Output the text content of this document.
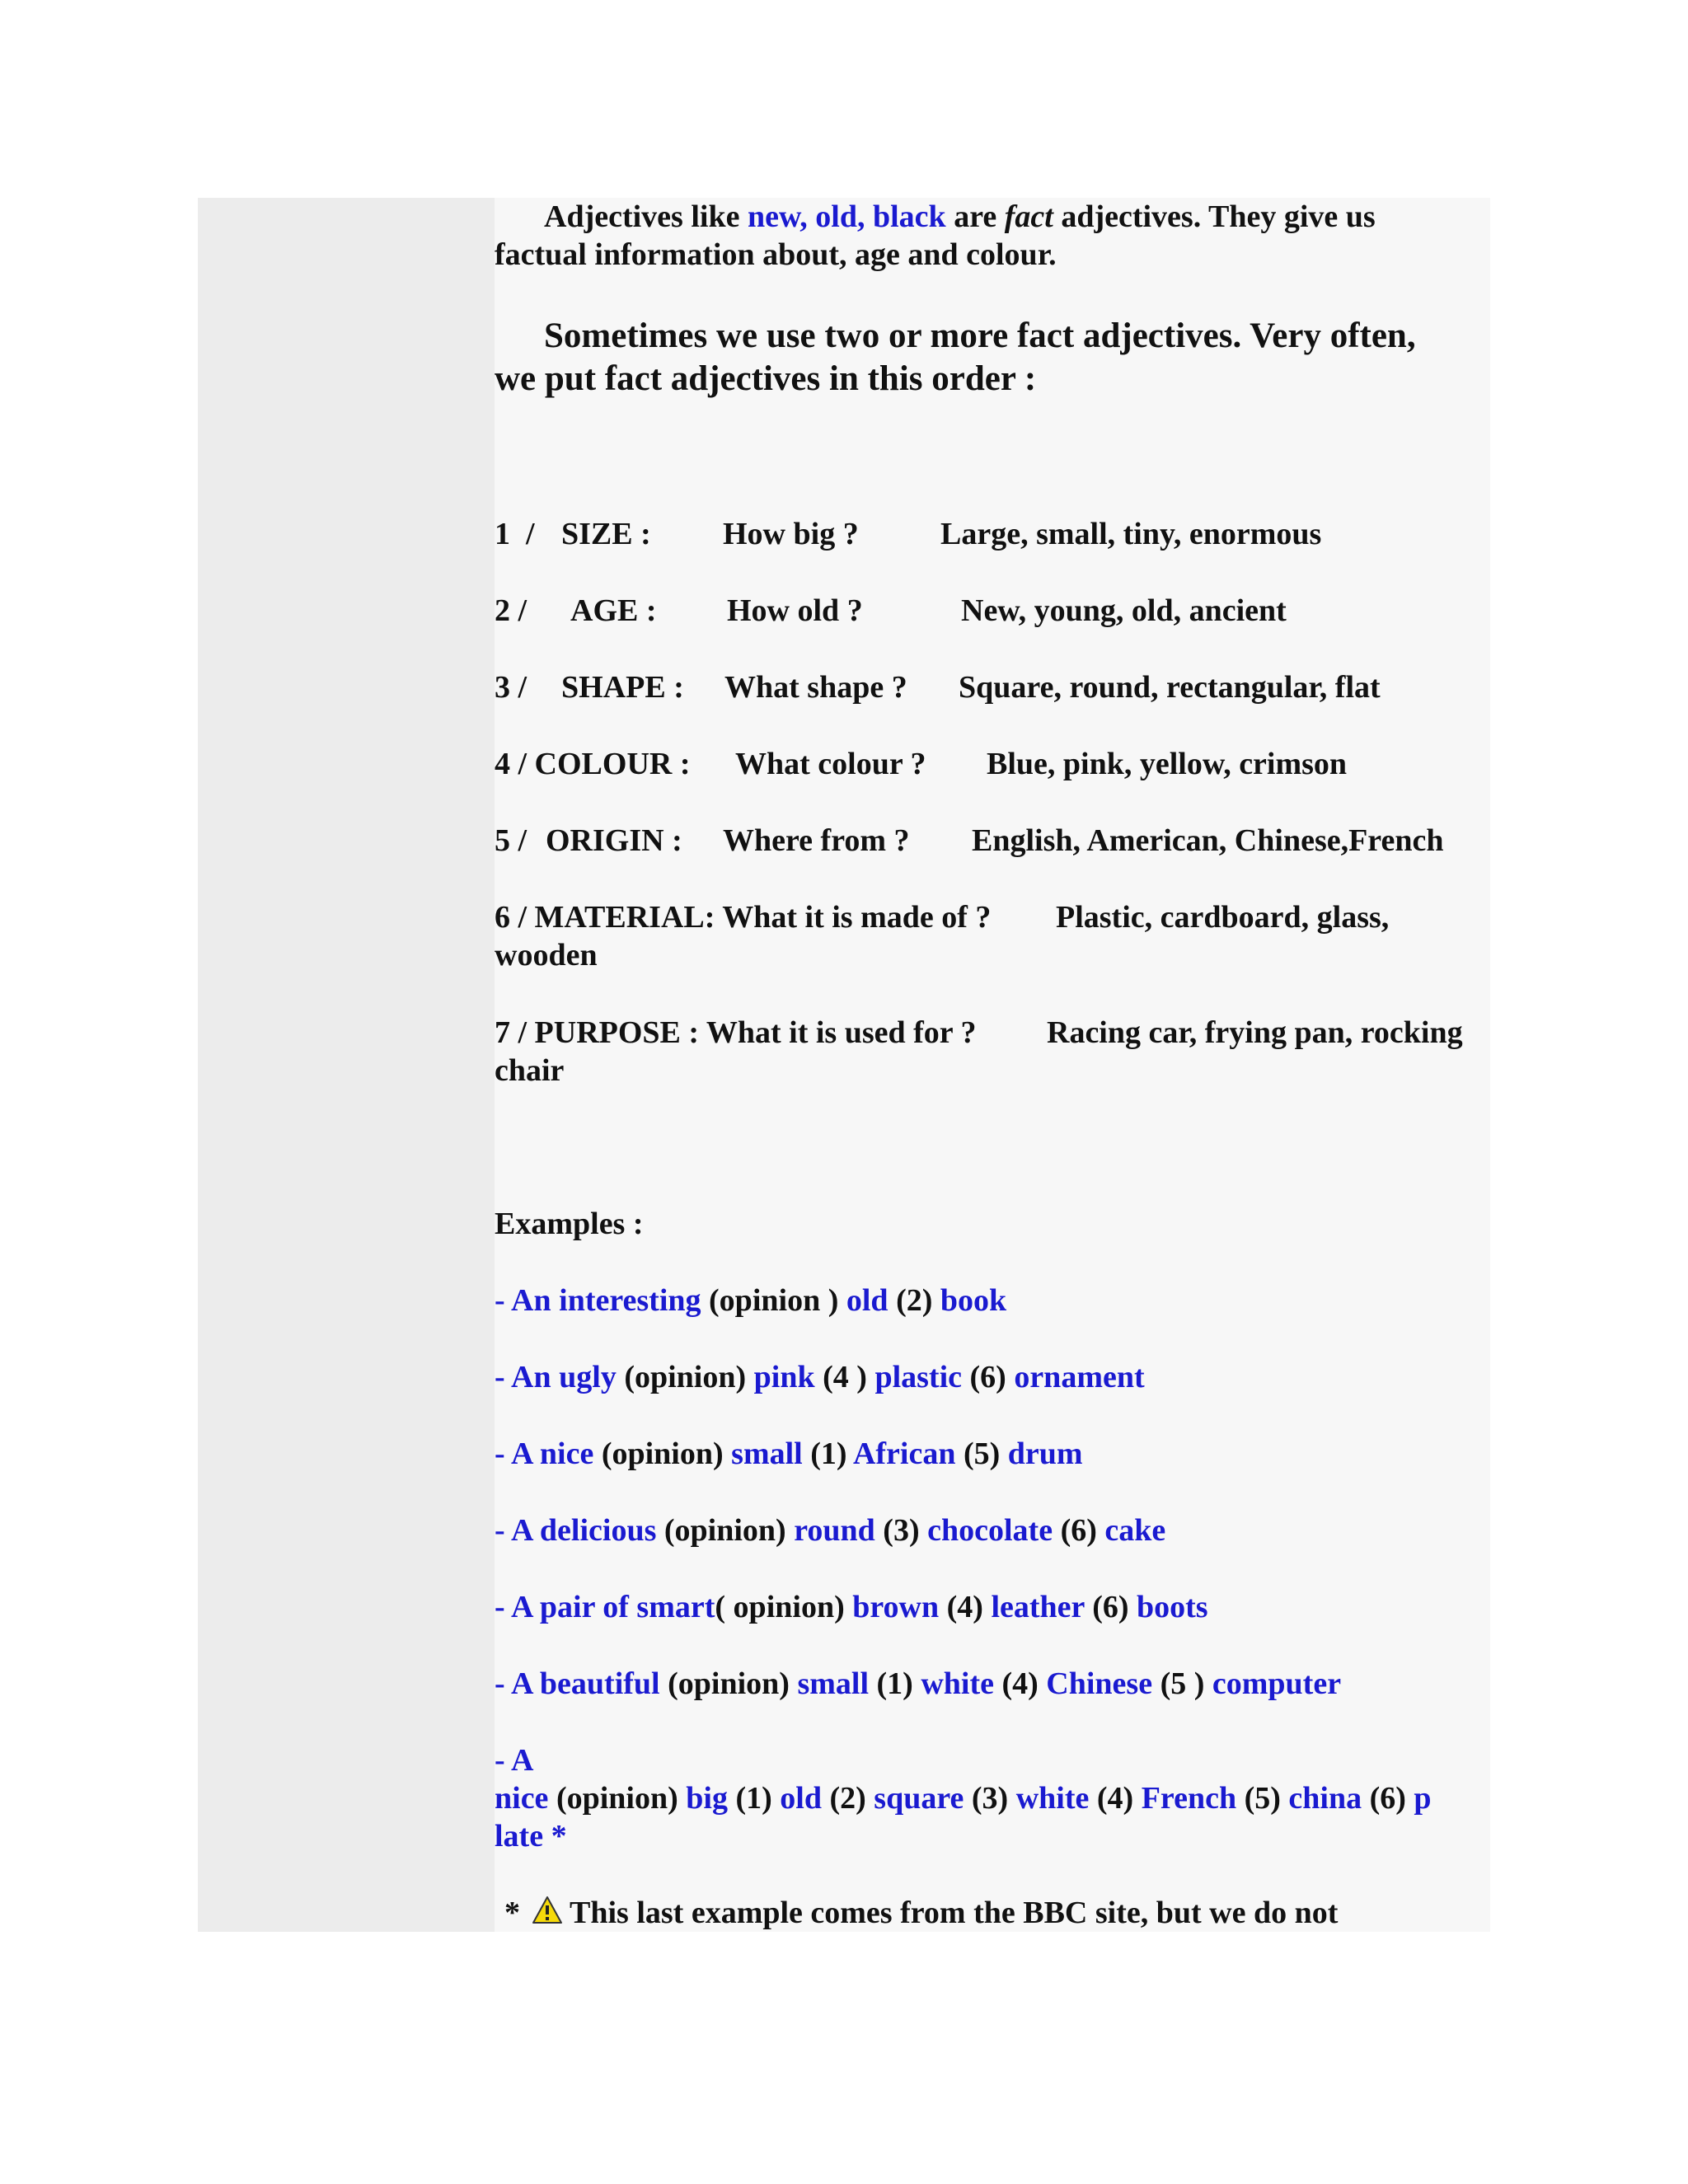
Adjectives like new, old, black are fact adjectives. They give us
factual information about, age and colour.
Sometimes we use two or more fact adjectives. Very often,
we put fact adjectives in this order :
1 / SIZE : How big ?	Large, small, tiny, enormous
2 / AGE : How old ?	New, young, old, ancient
3 / SHAPE : What shape ? Square, round, rectangular, flat
4 / COLOUR : What colour ? Blue, pink, yellow, crimson
5 / ORIGIN : Where from ? English, American, Chinese,French
6 / MATERIAL: What it is made of ? Plastic, cardboard, glass,
wooden
7 / PURPOSE : What it is used for ? Racing car, frying pan, rocking
chair
Examples :
- An interesting (opinion ) old (2) book
- An ugly (opinion) pink (4 ) plastic (6) ornament
- A nice (opinion) small (1) African (5) drum
- A delicious (opinion) round (3) chocolate (6) cake
- A pair of smart( opinion) brown (4) leather (6) boots
- A beautiful (opinion) small (1) white (4) Chinese (5 ) computer
- A
nice (opinion) big (1) old (2) square (3) white (4) French (5) china (6) p
late *
* This last example comes from the BBC site, but we do not
